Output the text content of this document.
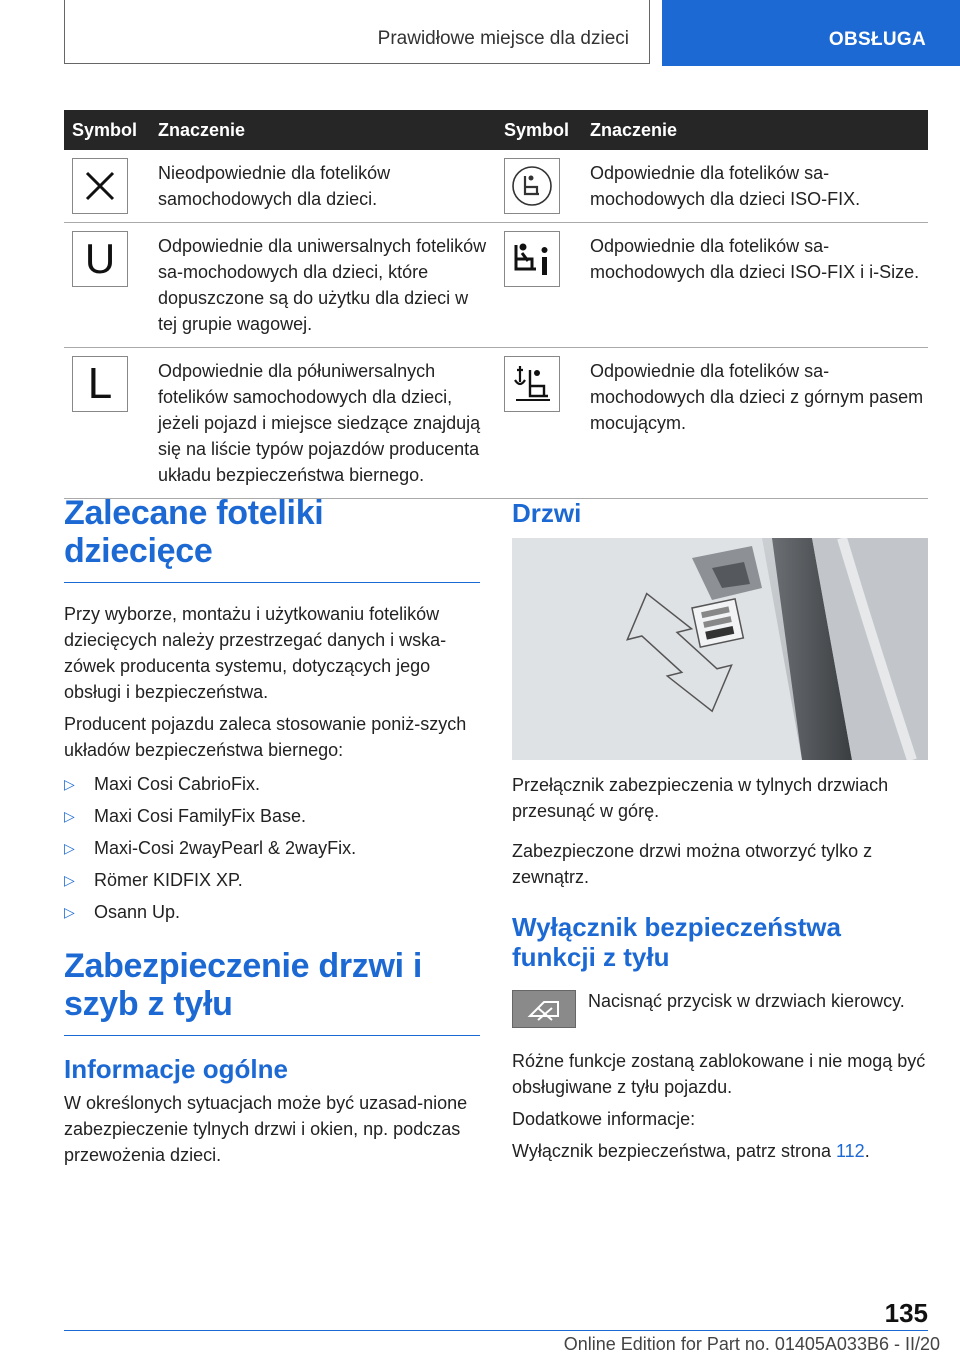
Prawidłowe miejsce dla dzieci	OBSŁUGA
Symbol	Znaczenie	Symbol	Znaczenie

	Nieodpowiednie dla fotelików samochodowych dla dzieci.		Odpowiednie dla fotelików sa-mochodowych dla dzieci ISO-FIX.

U	Odpowiednie dla uniwersalnych fotelików sa-mochodowych dla dzieci, które dopuszczone są do użytku dla dzieci w tej grupie wagowej.		Odpowiednie dla fotelików sa-mochodowych dla dzieci ISO-FIX i i-Size.

L	Odpowiednie dla półuniwersalnych fotelików samochodowych dla dzieci, jeżeli pojazd i miejsce siedzące znajdują się na liście typów pojazdów producenta układu bezpieczeństwa biernego.		Odpowiednie dla fotelików sa-mochodowych dla dzieci z górnym pasem mocującym.
Zalecane foteliki dziecięce

Przy wyborze, montażu i użytkowaniu fotelików dziecięcych należy przestrzegać danych i wska-zówek producenta systemu, dotyczących jego obsługi i bezpieczeństwa.

Producent pojazdu zaleca stosowanie poniż-szych układów bezpieczeństwa biernego:

▷ Maxi Cosi CabrioFix.
▷ Maxi Cosi FamilyFix Base.
▷ Maxi-Cosi 2wayPearl & 2wayFix.
▷ Römer KIDFIX XP.
▷ Osann Up.
Zabezpieczenie drzwi i szyb z tyłu
Informacje ogólne

W określonych sytuacjach może być uzasad-nione zabezpieczenie tylnych drzwi i okien, np. podczas przewożenia dzieci.

Drzwi

Przełącznik zabezpieczenia w tylnych drzwiach przesunąć w górę.

Zabezpieczone drzwi można otworzyć tylko z zewnątrz.

Wyłącznik bezpieczeństwa funkcji z tyłu

Nacisnąć przycisk w drzwiach kierowcy.

Różne funkcje zostaną zablokowane i nie mogą być obsługiwane z tyłu pojazdu.

Dodatkowe informacje:

Wyłącznik bezpieczeństwa, patrz strona 112.

135
Online Edition for Part no. 01405A033B6 - II/20
